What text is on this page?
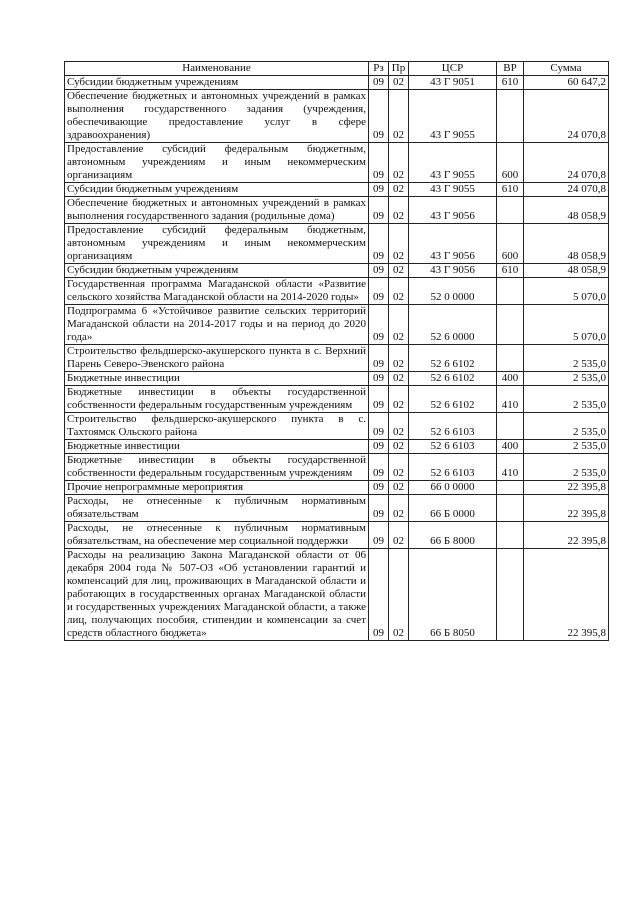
Наименование	Рз	Пр	ЦСР	ВР	Сумма
Субсидии бюджетным учреждениям	09	02	43 Г 9051	610	60 647,2
Обеспечение бюджетных и автономных учреждений в рамках выполнения государственного задания (учреждения, обеспечивающие предоставление услуг в сфере здравоохранения)	09	02	43 Г 9055		24 070,8
Предоставление субсидий федеральным бюджетным, автономным учреждениям и иным некоммерческим организациям	09	02	43 Г 9055	600	24 070,8
Субсидии бюджетным учреждениям	09	02	43 Г 9055	610	24 070,8
Обеспечение бюджетных и автономных учреждений в рамках выполнения государственного задания (родильные дома)	09	02	43 Г 9056		48 058,9
Предоставление субсидий федеральным бюджетным, автономным учреждениям и иным некоммерческим организациям	09	02	43 Г 9056	600	48 058,9
Субсидии бюджетным учреждениям	09	02	43 Г 9056	610	48 058,9
Государственная программа Магаданской области «Развитие сельского хозяйства Магаданской области на 2014-2020 годы»	09	02	52 0 0000		5 070,0
Подпрограмма 6 «Устойчивое развитие сельских территорий Магаданской области на 2014-2017 годы и на период до 2020 года»	09	02	52 6 0000		5 070,0
Строительство фельдшерско-акушерского пункта в с. Верхний Парень Северо-Эвенского района	09	02	52 6 6102		2 535,0
Бюджетные инвестиции	09	02	52 6 6102	400	2 535,0
Бюджетные инвестиции в объекты государственной собственности федеральным государственным учреждениям	09	02	52 6 6102	410	2 535,0
Строительство фельдшерско-акушерского пункта в с. Тахтоямск Ольского района	09	02	52 6 6103		2 535,0
Бюджетные инвестиции	09	02	52 6 6103	400	2 535,0
Бюджетные инвестиции в объекты государственной собственности федеральным государственным учреждениям	09	02	52 6 6103	410	2 535,0
Прочие непрограммные мероприятия	09	02	66 0 0000		22 395,8
Расходы, не отнесенные к публичным нормативным обязательствам	09	02	66 Б 0000		22 395,8
Расходы, не отнесенные к публичным нормативным обязательствам, на обеспечение мер социальной поддержки	09	02	66 Б 8000		22 395,8
Расходы на реализацию Закона Магаданской области от 06 декабря 2004 года № 507-ОЗ «Об установлении гарантий и компенсаций для лиц, проживающих в Магаданской области и работающих в государственных органах Магаданской области и государственных учреждениях Магаданской области, а также лиц, получающих пособия, стипендии и компенсации за счет средств областного бюджета»	09	02	66 Б 8050		22 395,8
